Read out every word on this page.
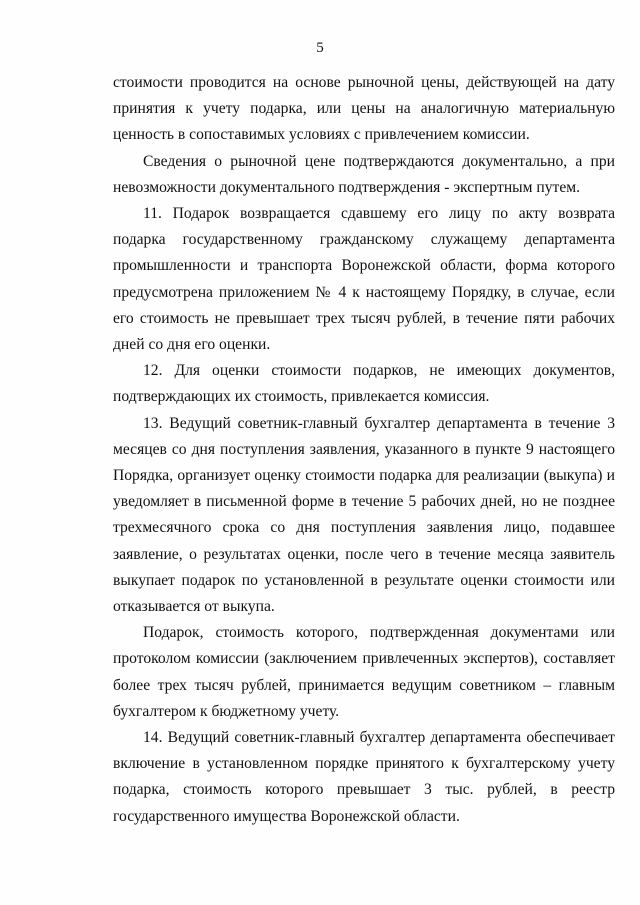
5

стоимости проводится на основе рыночной цены, действующей на дату принятия к учету подарка, или цены на аналогичную материальную ценность в сопоставимых условиях с привлечением комиссии.

Сведения о рыночной цене подтверждаются документально, а при невозможности документального подтверждения - экспертным путем.

11. Подарок возвращается сдавшему его лицу по акту возврата подарка государственному гражданскому служащему департамента промышленности и транспорта Воронежской области, форма которого предусмотрена приложением № 4 к настоящему Порядку, в случае, если его стоимость не превышает трех тысяч рублей, в течение пяти рабочих дней со дня его оценки.

12. Для оценки стоимости подарков, не имеющих документов, подтверждающих их стоимость, привлекается комиссия.

13. Ведущий советник-главный бухгалтер департамента в течение 3 месяцев со дня поступления заявления, указанного в пункте 9 настоящего Порядка, организует оценку стоимости подарка для реализации (выкупа) и уведомляет в письменной форме в течение 5 рабочих дней, но не позднее трехмесячного срока со дня поступления заявления лицо, подавшее заявление, о результатах оценки, после чего в течение месяца заявитель выкупает подарок по установленной в результате оценки стоимости или отказывается от выкупа.

Подарок, стоимость которого, подтвержденная документами или протоколом комиссии (заключением привлеченных экспертов), составляет более трех тысяч рублей, принимается ведущим советником – главным бухгалтером к бюджетному учету.

14. Ведущий советник-главный бухгалтер департамента обеспечивает включение в установленном порядке принятого к бухгалтерскому учету подарка, стоимость которого превышает 3 тыс. рублей, в реестр государственного имущества Воронежской области.
